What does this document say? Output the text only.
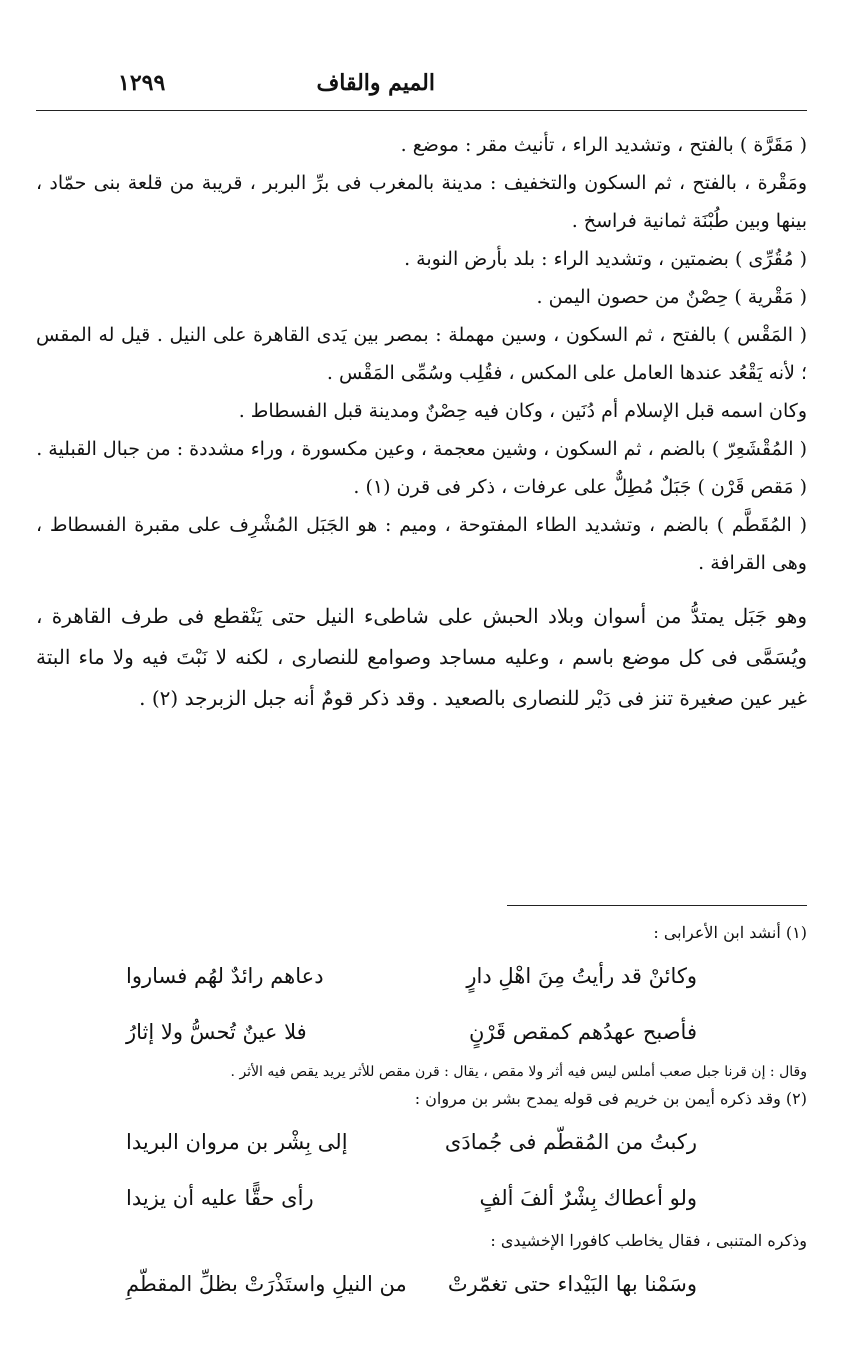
الميم والقاف
١٢٩٩

( مَقَرَّة ) بالفتح ، وتشديد الراء ، تأنيث مقر : موضع .

ومَقْرة ، بالفتح ، ثم السكون والتخفيف : مدينة بالمغرب فى برِّ البربر ، قريبة من قلعة بنى حمّاد ، بينها وبين طُبْنَة ثمانية فراسخ .

( مُقُرِّى ) بضمتين ، وتشديد الراء : بلد بأرض النوبة .

( مَقْرية ) حِصْنٌ من حصون اليمن .

( المَقْس ) بالفتح ، ثم السكون ، وسين مهملة : بمصر بين يَدى القاهرة على النيل . قيل له المقس ؛ لأنه يَقْعُد عندها العامل على المكس ، فقُلِب وسُمِّى المَقْس .

وكان اسمه قبل الإسلام أم دُنَين ، وكان فيه حِصْنٌ ومدينة قبل الفسطاط .

( المُقْشَعِرّ ) بالضم ، ثم السكون ، وشين معجمة ، وعين مكسورة ، وراء مشددة : من جبال القبلية .

( مَقص قَرْن ) جَبَلٌ مُطِلٌّ على عرفات ، ذكر فى قرن (١) .

( المُقَطَّم ) بالضم ، وتشديد الطاء المفتوحة ، وميم : هو الجَبَل المُشْرِف على مقبرة الفسطاط ، وهى القرافة .

وهو جَبَل يمتدُّ من أسوان وبلاد الحبش على شاطىء النيل حتى يَنْقطع فى طرف القاهرة ، ويُسَمَّى فى كل موضع باسم ، وعليه مساجد وصوامع للنصارى ، لكنه لا نَبْتَ فيه ولا ماء البتة غير عين صغيرة تنز فى دَيْر للنصارى بالصعيد . وقد ذكر قومٌ أنه جبل الزبرجد (٢) .

(١) أنشد ابن الأعرابى :

وكائنْ قد رأيتُ مِنَ اهْلِ دارٍ
دعاهم رائدٌ لهُم فساروا
فأصبح عهدُهم كمقص قَرْنٍ
فلا عينٌ تُحسُّ ولا إثارُ

وقال : إن قرنا جبل صعب أملس ليس فيه أثر ولا مقص ، يقال : قرن مقص للأثر يريد يقص فيه الأثر .

(٢) وقد ذكره أيمن بن خريم فى قوله يمدح بشر بن مروان :

ركبتُ من المُقطّم فى جُمادَى
إلى بِشْر بن مروان البريدا
ولو أعطاك بِشْرٌ ألفَ ألفٍ
رأى حقًّا عليه أن يزيدا

وذكره المتنبى ، فقال يخاطب كافورا الإخشيدى :

وسَمْنا بها البَيْداء حتى تغمّرتْ
من النيلِ واستَذْرَتْ بظلِّ المقطّمِ
